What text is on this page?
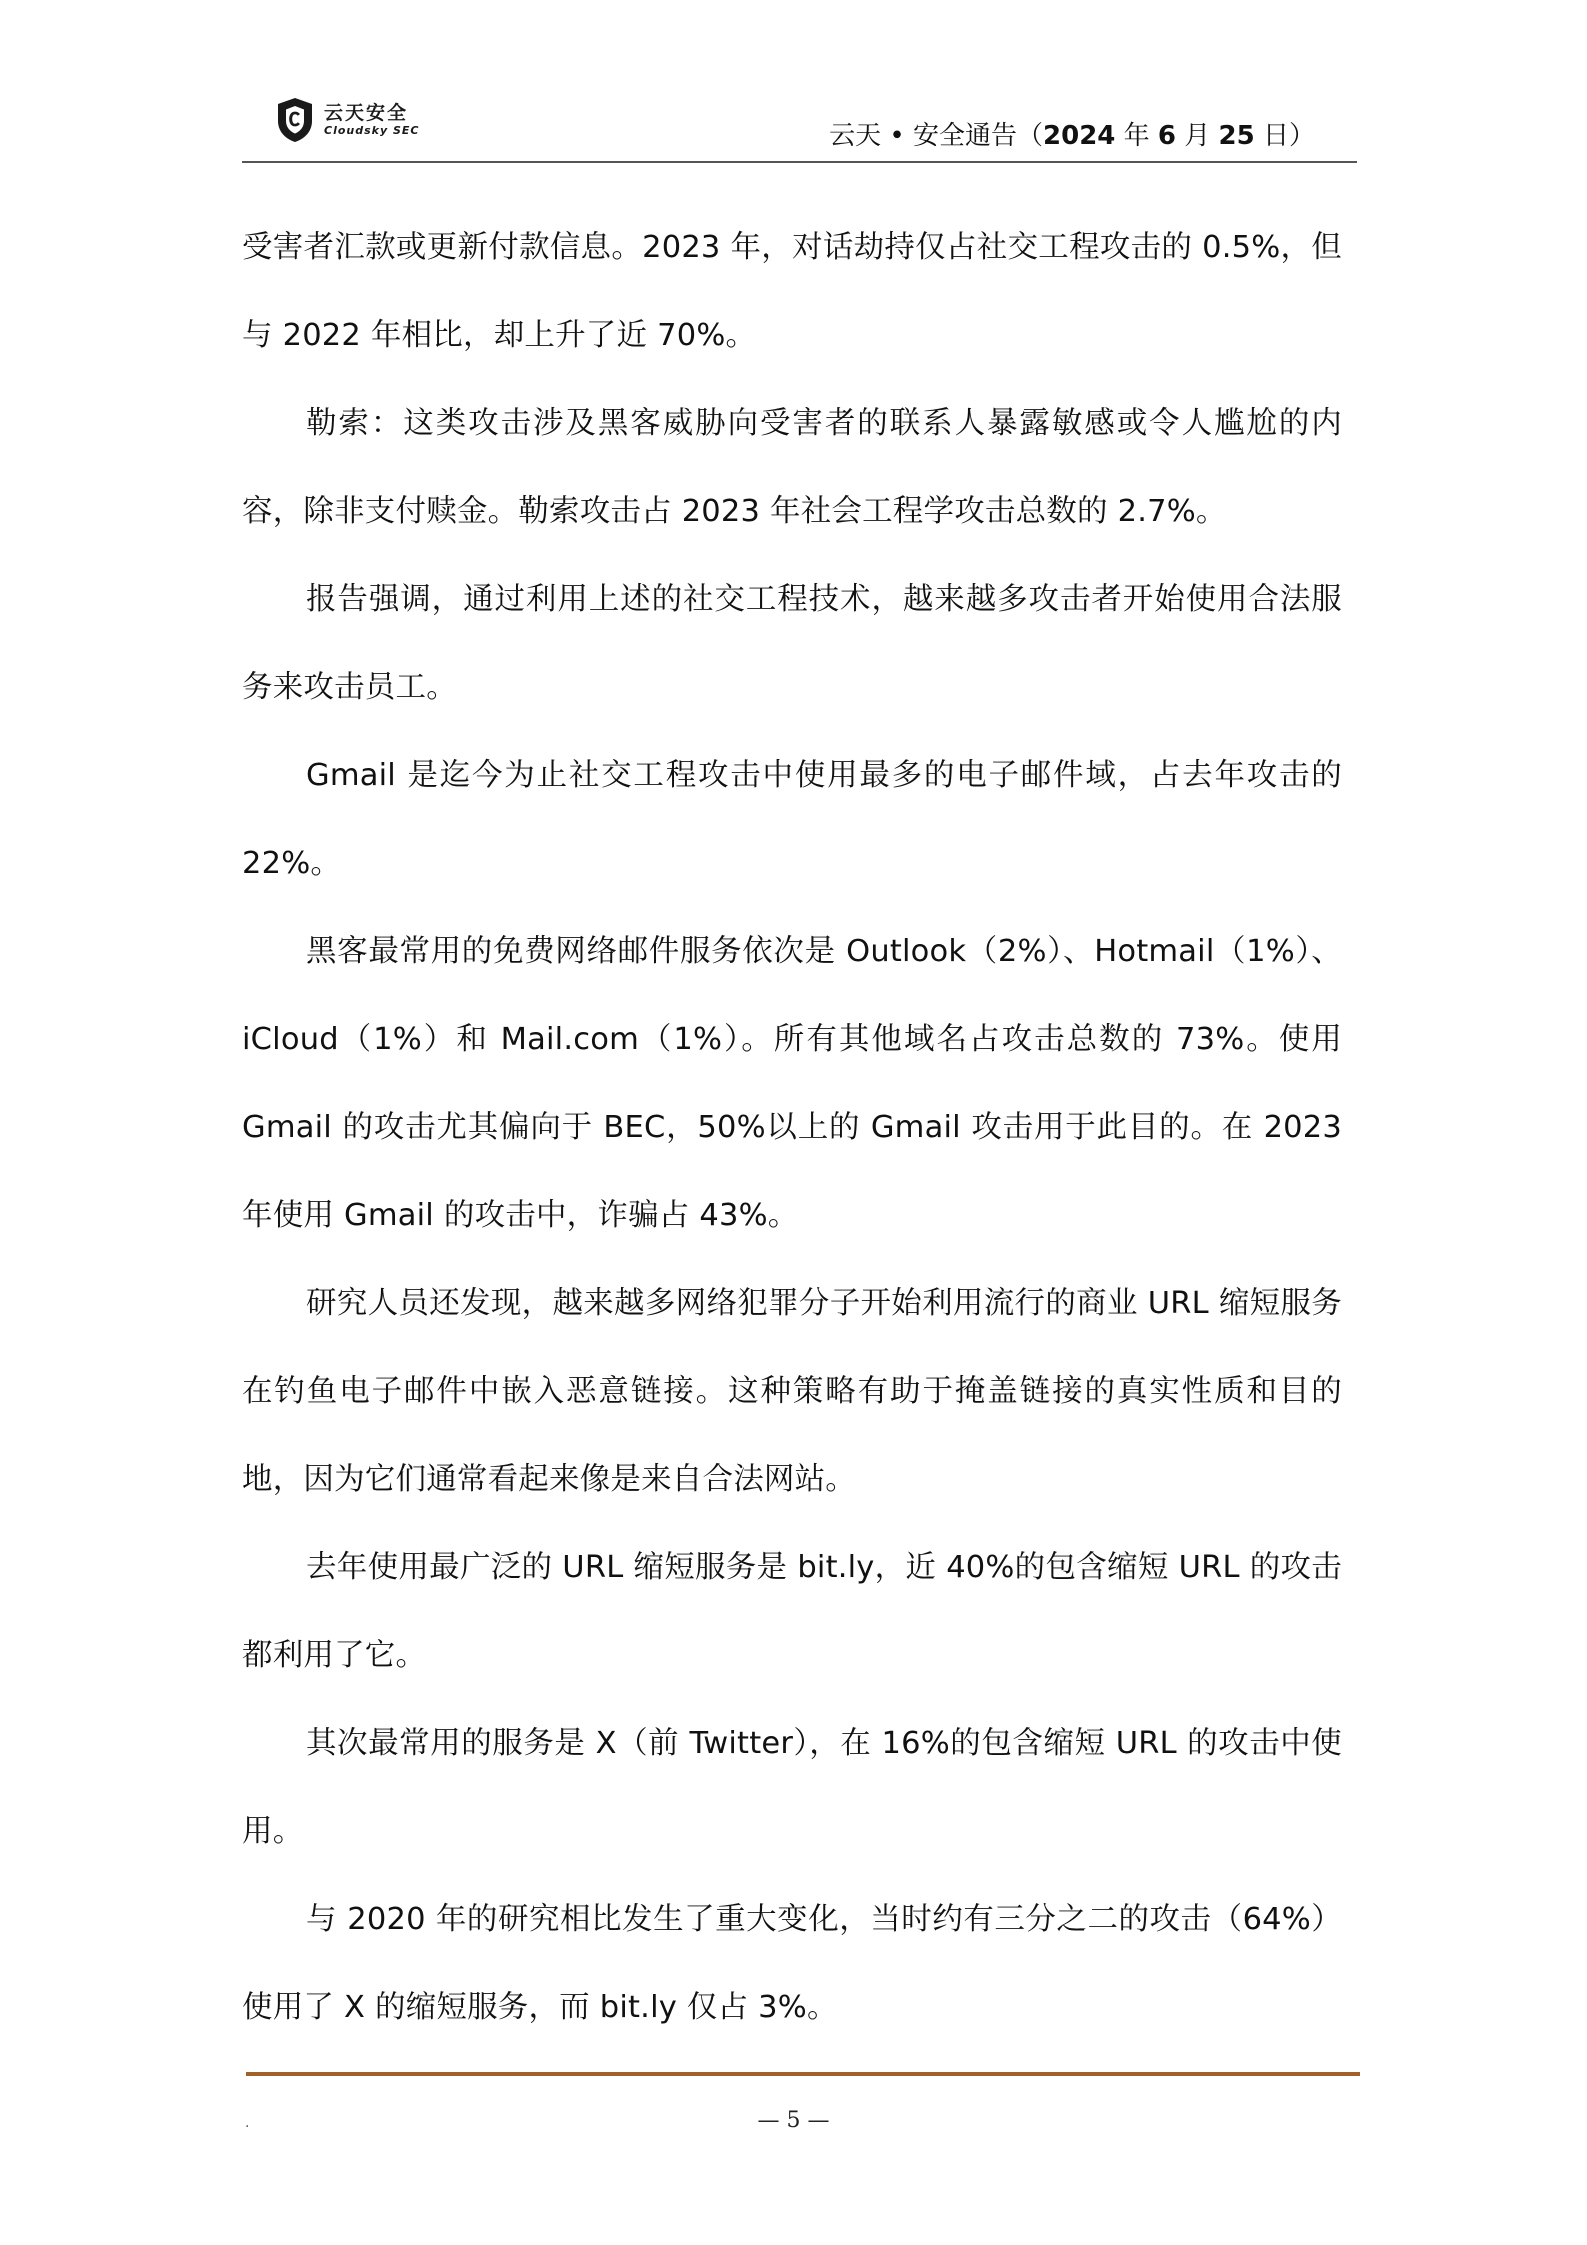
云天安全
Cloudsky SEC	云天 • 安全通告（2024 年 6 月 25 日）

受害者汇款或更新付款信息。2023 年，对话劫持仅占社交工程攻击的 0.5%，但与 2022 年相比，却上升了近 70%。

勒索：这类攻击涉及黑客威胁向受害者的联系人暴露敏感或令人尴尬的内容，除非支付赎金。勒索攻击占 2023 年社会工程学攻击总数的 2.7%。

报告强调，通过利用上述的社交工程技术，越来越多攻击者开始使用合法服务来攻击员工。

Gmail 是迄今为止社交工程攻击中使用最多的电子邮件域，占去年攻击的 22%。

黑客最常用的免费网络邮件服务依次是 Outlook（2%）、Hotmail（1%）、iCloud（1%）和 Mail.com（1%）。所有其他域名占攻击总数的 73%。使用 Gmail 的攻击尤其偏向于 BEC，50%以上的 Gmail 攻击用于此目的。在 2023 年使用 Gmail 的攻击中，诈骗占 43%。

研究人员还发现，越来越多网络犯罪分子开始利用流行的商业 URL 缩短服务在钓鱼电子邮件中嵌入恶意链接。这种策略有助于掩盖链接的真实性质和目的地，因为它们通常看起来像是来自合法网站。

去年使用最广泛的 URL 缩短服务是 bit.ly，近 40%的包含缩短 URL 的攻击都利用了它。

其次最常用的服务是 X（前 Twitter），在 16%的包含缩短 URL 的攻击中使用。

与 2020 年的研究相比发生了重大变化，当时约有三分之二的攻击（64%）使用了 X 的缩短服务，而 bit.ly 仅占 3%。

.	— 5 —
